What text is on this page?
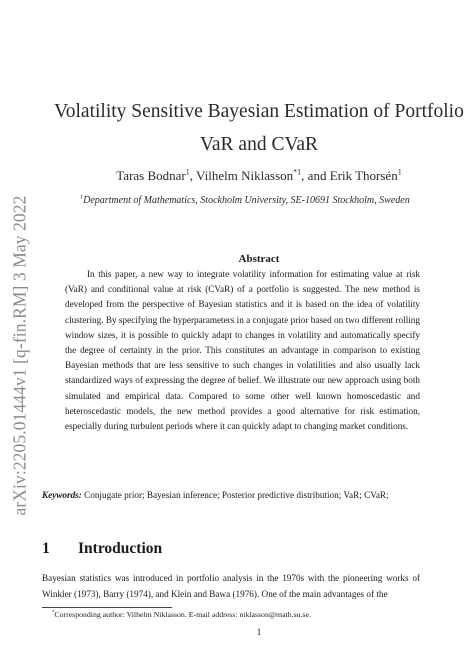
arXiv:2205.01444v1 [q-fin.RM] 3 May 2022
Volatility Sensitive Bayesian Estimation of Portfolio
VaR and CVaR
Taras Bodnar$^1$, Vilhelm Niklasson$^{*1}$, and Erik Thorsén$^1$
$^1$Department of Mathematics, Stockholm University, SE-10691 Stockholm, Sweden
Abstract

In this paper, a new way to integrate volatility information for estimating value at risk (VaR) and conditional value at risk (CVaR) of a portfolio is suggested. The new method is developed from the perspective of Bayesian statistics and it is based on the idea of volatility clustering. By specifying the hyperparameters in a conjugate prior based on two different rolling window sizes, it is possible to quickly adapt to changes in volatility and automatically specify the degree of certainty in the prior. This constitutes an advantage in comparison to existing Bayesian methods that are less sensitive to such changes in volatilities and also usually lack standardized ways of expressing the degree of belief. We illustrate our new approach using both simulated and empirical data. Compared to some other well known homoscedastic and heteroscedastic models, the new method provides a good alternative for risk estimation, especially during turbulent periods where it can quickly adapt to changing market conditions.

Keywords: Conjugate prior; Bayesian inference; Posterior predictive distribution; VaR; CVaR;

1 Introduction

Bayesian statistics was introduced in portfolio analysis in the 1970s with the pioneering works of Winkler (1973), Barry (1974), and Klein and Bawa (1976). One of the main advantages of the

*Corresponding author: Vilhelm Niklasson. E-mail address: niklasson@math.su.se.
1
